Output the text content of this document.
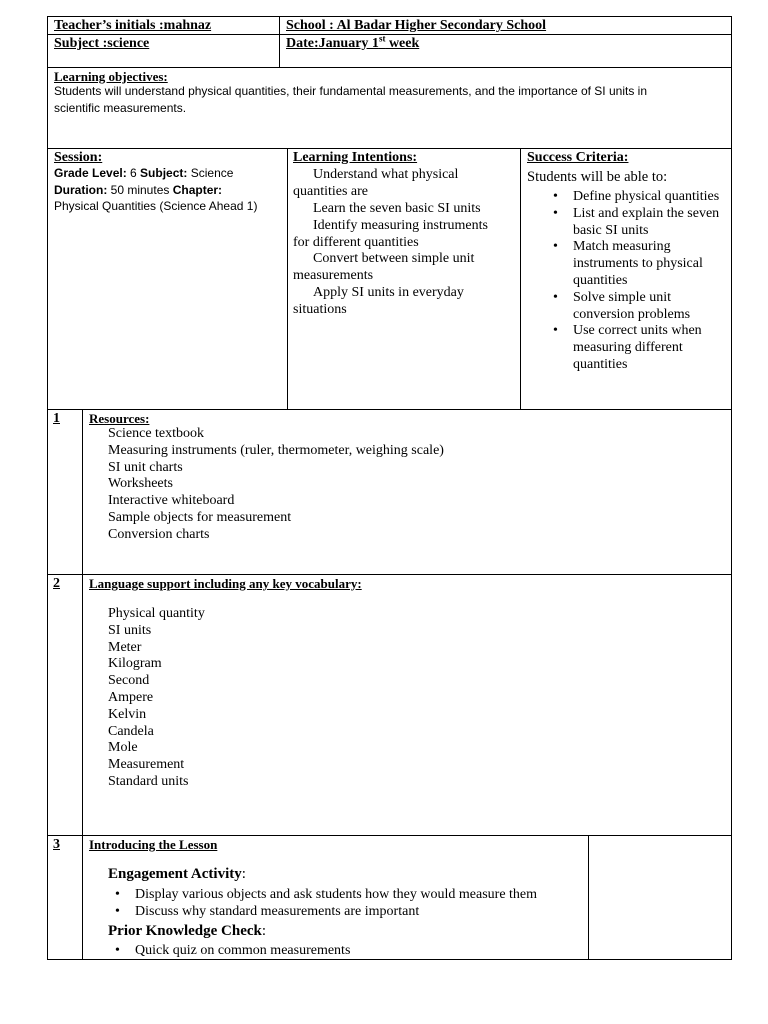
Teacher’s initials :mahnaz	School : Al Badar Higher Secondary School
Subject :science	Date:January 1st week
Learning objectives:
Students will understand physical quantities, their fundamental measurements, and the importance of SI units in
scientific measurements.
Session:
Grade Level: 6 Subject: Science
Duration: 50 minutes Chapter:
Physical Quantities (Science Ahead 1)
Learning Intentions:
Understand what physical
quantities are
Learn the seven basic SI units
Identify measuring instruments
for different quantities
Convert between simple unit
measurements
Apply SI units in everyday
situations
Success Criteria:
Students will be able to:
• Define physical quantities
• List and explain the seven basic SI units
• Match measuring instruments to physical quantities
• Solve simple unit conversion problems
• Use correct units when measuring different quantities
1 Resources:
Science textbook
Measuring instruments (ruler, thermometer, weighing scale)
SI unit charts
Worksheets
Interactive whiteboard
Sample objects for measurement
Conversion charts
2 Language support including any key vocabulary:
Physical quantity
SI units
Meter
Kilogram
Second
Ampere
Kelvin
Candela
Mole
Measurement
Standard units
3 Introducing the Lesson
Engagement Activity:
• Display various objects and ask students how they would measure them
• Discuss why standard measurements are important
Prior Knowledge Check:
• Quick quiz on common measurements
